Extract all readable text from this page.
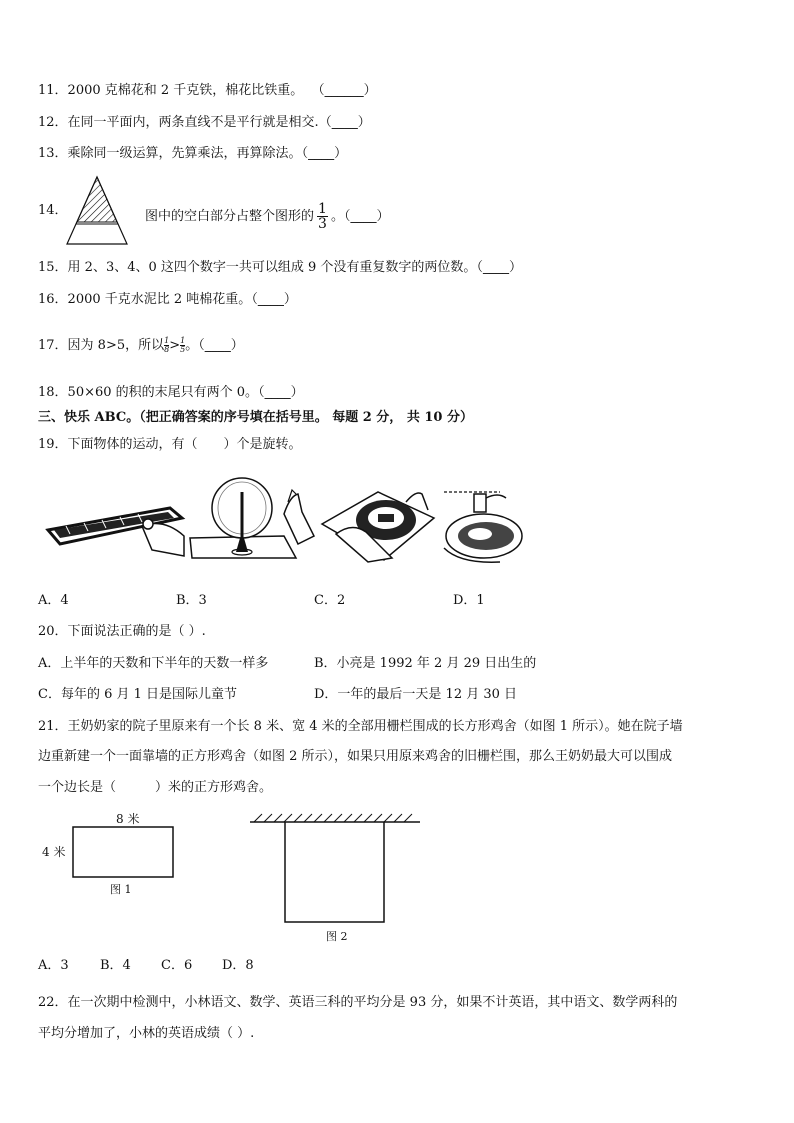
11．2000 克棉花和 2 千克铁，棉花比铁重。 （______）
12．在同一平面内，两条直线不是平行就是相交.（____）
13．乘除同一级运算，先算乘法，再算除法。（____）
14．	图中的空白部分占整个图形的 $\frac{1}{3}$ 。（____）
15．用 2、3、4、0 这四个数字一共可以组成 9 个没有重复数字的两位数。（____）
16．2000 千克水泥比 2 吨棉花重。（____）
17．因为 8>5，所以 $\frac{1}{8} > \frac{1}{5}$ 。（____）
18．50×60 的积的末尾只有两个 0。（____）
三、快乐 ABC。（把正确答案的序号填在括号里。 每题 2 分， 共 10 分）
19．下面物体的运动，有（　　）个是旋转。
A．4	B．3	C．2	D．1
20．下面说法正确的是（ ）.
A．上半年的天数和下半年的天数一样多	B．小亮是 1992 年 2 月 29 日出生的
C．每年的 6 月 1 日是国际儿童节	D．一年的最后一天是 12 月 30 日
21．王奶奶家的院子里原来有一个长 8 米、宽 4 米的全部用栅栏围成的长方形鸡舍（如图 1 所示）。她在院子墙
边重新建一个一面靠墙的正方形鸡舍（如图 2 所示），如果只用原来鸡舍的旧栅栏围，那么王奶奶最大可以围成
一个边长是（　　　）米的正方形鸡舍。
8 米
4 米
图 1
图 2
A．3 B．4 C．6 D．8
22．在一次期中检测中，小林语文、数学、英语三科的平均分是 93 分，如果不计英语，其中语文、数学两科的
平均分增加了，小林的英语成绩（ ）.
